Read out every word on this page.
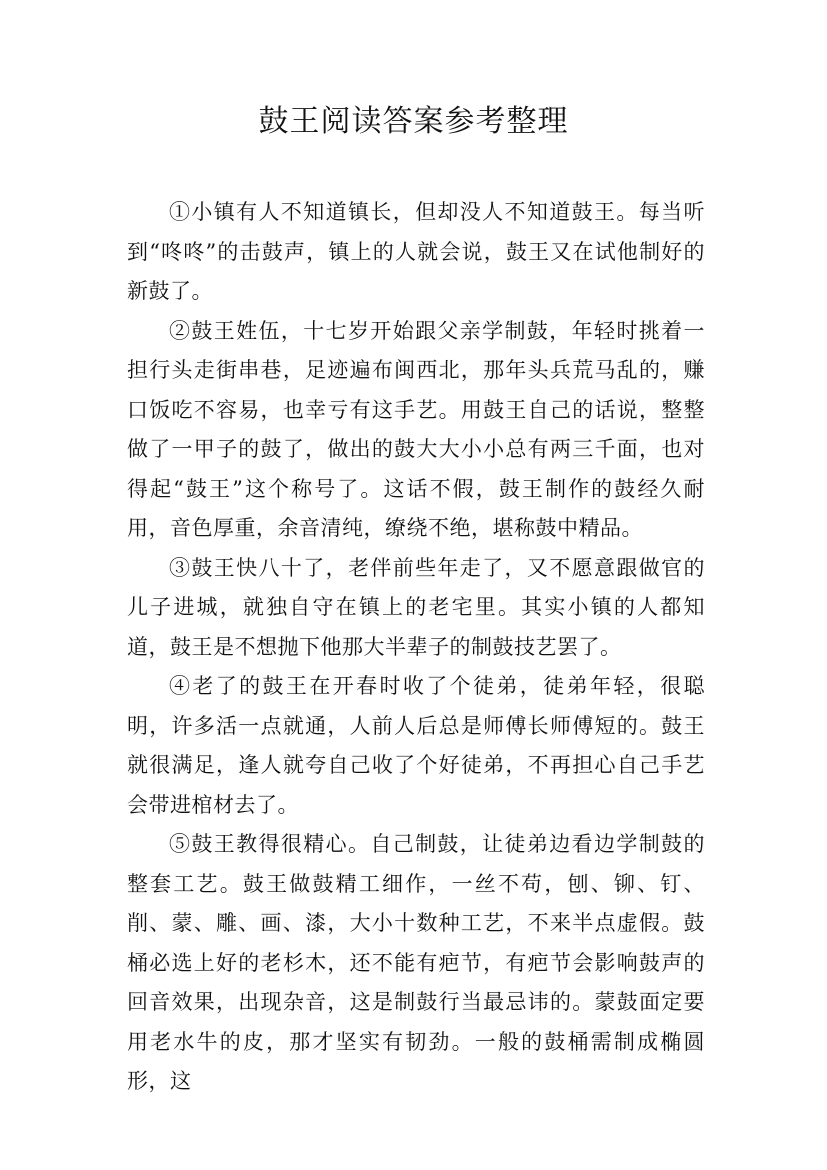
鼓王阅读答案参考整理

①小镇有人不知道镇长，但却没人不知道鼓王。每当听到“咚咚”的击鼓声，镇上的人就会说，鼓王又在试他制好的新鼓了。

②鼓王姓伍，十七岁开始跟父亲学制鼓，年轻时挑着一担行头走街串巷，足迹遍布闽西北，那年头兵荒马乱的，赚口饭吃不容易，也幸亏有这手艺。用鼓王自己的话说，整整做了一甲子的鼓了，做出的鼓大大小小总有两三千面，也对得起“鼓王”这个称号了。这话不假，鼓王制作的鼓经久耐用，音色厚重，余音清纯，缭绕不绝，堪称鼓中精品。

③鼓王快八十了，老伴前些年走了，又不愿意跟做官的儿子进城，就独自守在镇上的老宅里。其实小镇的人都知道，鼓王是不想抛下他那大半辈子的制鼓技艺罢了。

④老了的鼓王在开春时收了个徒弟，徒弟年轻，很聪明，许多活一点就通，人前人后总是师傅长师傅短的。鼓王就很满足，逢人就夸自己收了个好徒弟，不再担心自己手艺会带进棺材去了。

⑤鼓王教得很精心。自己制鼓，让徒弟边看边学制鼓的整套工艺。鼓王做鼓精工细作，一丝不苟，刨、铆、钉、削、蒙、雕、画、漆，大小十数种工艺，不来半点虚假。鼓桶必选上好的老杉木，还不能有疤节，有疤节会影响鼓声的回音效果，出现杂音，这是制鼓行当最忌讳的。蒙鼓面定要用老水牛的皮，那才坚实有韧劲。一般的鼓桶需制成椭圆形，这
